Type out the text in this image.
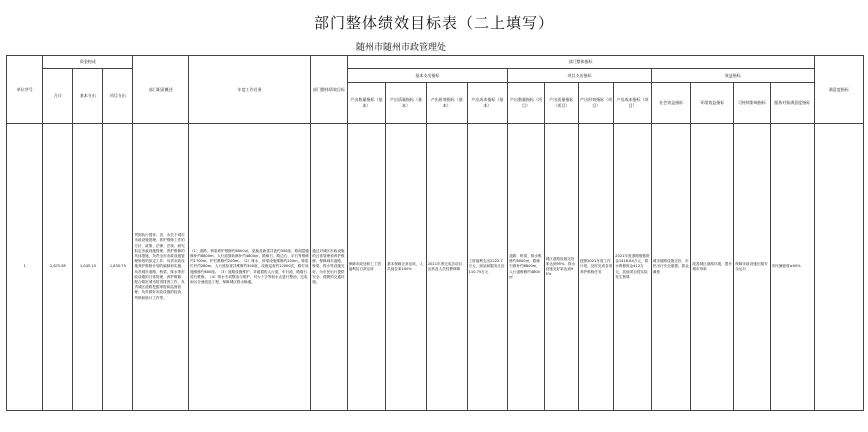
部门整体绩效目标表（二上填写）
随州市随州市政管理处
单位序号	资金构成			部门职责概述	年度工作任务	部门整体绩效目标	部门整体指标												满意度指标
	合计	基本支出	项目支出				基本支出指标				项目支出指标				效益指标				
							产出数量指标（基本）	产出质量指标（基本）	产出时效指标（基本）	产出成本指标（基本）	产出数量指标（项目）	产出质量指标（项目）	产出时效指标（项目）	产出成本指标（项目）	社会效益指标	环境效益指标	可持续影响指标	服务对象满意度指标	
1	2,875.85	1,045.10	1,830.75	贯彻执行国家、省、市关于城市市政设施管理、养护维修工作的方针、政策、法律、法规、研究拟定市政设施管理、养护维修的具体措施，负责全市市政设施管理规划的拟定工作；负责市政设施养护维修计划的编制和实施；负责城市道路、桥梁、排水等市政设施的日常管理、养护维修；配合做好城市防汛排涝工作；负责城区道路挖掘审批和监督管理；负责做好市政设施的检查、考核和统计工作等。	（1）道路、桥梁养护维修约8000㎡，更换及新建井盖约300座。路面裂缝修补约8800m，人行道面砖修补约4800㎡，路缘石、路边石、平石等维修约1700m，护栏维修约200m。（2）排水、桥梁设施维修约200m，桥梁栏杆约280m，人行道检查井维修约300座，设施巡查约12000次，路灯设施维修约600座。（3）道路设施维护，对破损的人行道、车行道、路缘石进行维修。（4）排水专项整治与维护，对大十字等积水点进行整治，完成雨污分流改造工程，保障城区排水畅通。	通过对城区市政设施的日常管理和养护维修，保障城市道路、桥梁、排水等设施完好，为市民出行提供安全、便捷的交通环境。	保障市政处职工工资福利及日常运转	基本保障正常运转，人员到位率100%	2021年度完成各项目运转及人员经费保障	工资福利支出2222.7万元，商品和服务支出110.75万元	道路、桥梁、排水维修约8000㎡，路缘石修补约8800m，人行道维修约4800㎡	城区道路设施完好率达到95%，排水设施完好率达到95%	按照2021年度工作计划，及时完成各项养护维修任务	2021年度道路维修资金1418.84万元，排水维修资金412万元，其他项目按实际发生核算	城市道路设施完好，市民出行安全便捷，群众满意	改善城区道路环境，提升城市形象	保障市政设施长期安全运行	市民满意度≥90%	
